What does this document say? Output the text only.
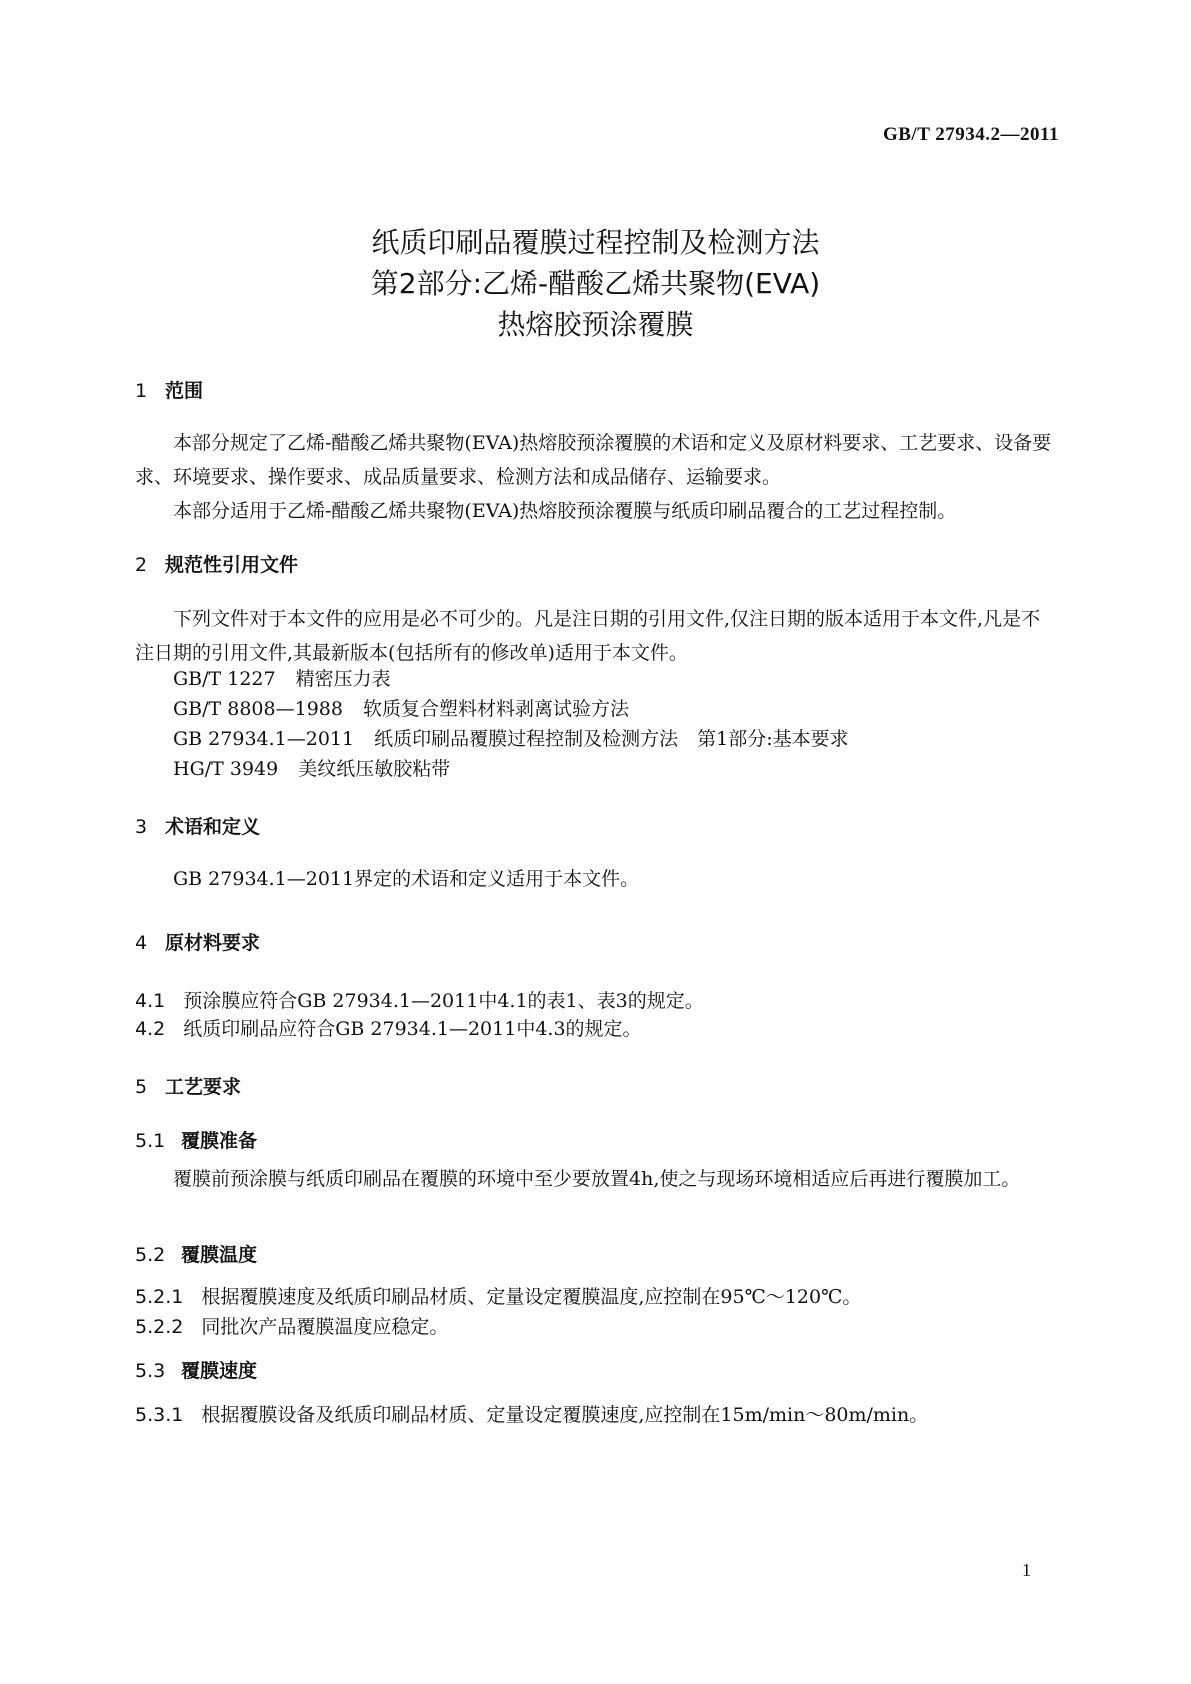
GB/T 27934.2—2011
纸质印刷品覆膜过程控制及检测方法
第2部分:乙烯-醋酸乙烯共聚物(EVA)
热熔胶预涂覆膜
1 范围
本部分规定了乙烯-醋酸乙烯共聚物(EVA)热熔胶预涂覆膜的术语和定义及原材料要求、工艺要求、设备要求、环境要求、操作要求、成品质量要求、检测方法和成品储存、运输要求。
本部分适用于乙烯-醋酸乙烯共聚物(EVA)热熔胶预涂覆膜与纸质印刷品覆合的工艺过程控制。
2 规范性引用文件
下列文件对于本文件的应用是必不可少的。凡是注日期的引用文件,仅注日期的版本适用于本文件,凡是不注日期的引用文件,其最新版本(包括所有的修改单)适用于本文件。
GB/T 1227 精密压力表
GB/T 8808—1988 软质复合塑料材料剥离试验方法
GB 27934.1—2011 纸质印刷品覆膜过程控制及检测方法　第1部分:基本要求
HG/T 3949 美纹纸压敏胶粘带
3 术语和定义
GB 27934.1—2011界定的术语和定义适用于本文件。
4 原材料要求
4.1 预涂膜应符合GB 27934.1—2011中4.1的表1、表3的规定。
4.2 纸质印刷品应符合GB 27934.1—2011中4.3的规定。
5 工艺要求
5.1 覆膜准备
覆膜前预涂膜与纸质印刷品在覆膜的环境中至少要放置4h,使之与现场环境相适应后再进行覆膜加工。
5.2 覆膜温度
5.2.1 根据覆膜速度及纸质印刷品材质、定量设定覆膜温度,应控制在95℃～120℃。
5.2.2 同批次产品覆膜温度应稳定。
5.3 覆膜速度
5.3.1 根据覆膜设备及纸质印刷品材质、定量设定覆膜速度,应控制在15m/min～80m/min。
1
